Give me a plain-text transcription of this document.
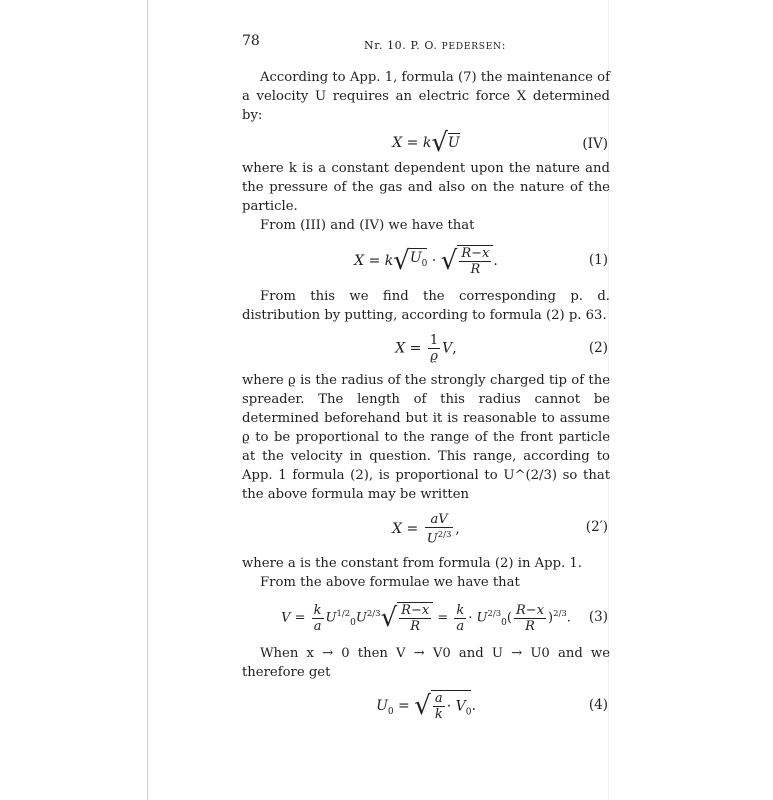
78	Nr. 10. P. O. PEDERSEN:

According to App. 1, formula (7) the maintenance of a velocity U requires an electric force X determined by:

X = k√U	(IV)

where k is a constant dependent upon the nature and the pressure of the gas and also on the nature of the particle.

From (III) and (IV) we have that

$X = k√U_0$ · √ $\frac{R-x}{R}$ .	(1)

From this we find the corresponding p. d. distribution by putting, according to formula (2) p. 63.

$X = \frac{1}{ϱ} V$,	(2)

where ϱ is the radius of the strongly charged tip of the spreader. The length of this radius cannot be determined beforehand but it is reasonable to assume ϱ to be proportional to the range of the front particle at the velocity in question. This range, according to App. 1 formula (2), is proportional to U^(2/3) so that the above formula may be written

$X = \frac{aV}{U^{2/3}}$ ,	(2′)

where a is the constant from formula (2) in App. 1.

From the above formulae we have that

$V = \frac{k}{a} U^{1/2}_0U^{2/3}√ \frac{R-x}{R} = \frac{k}{a} \cdot U^{2/3}_0( \frac{R-x}{R} )^{2/3}$.	(3)

When x → 0 then V → V0 and U → U0 and we therefore get

$U_0$ = √ $\frac{a}{k} \cdot V_0$.	(4)
